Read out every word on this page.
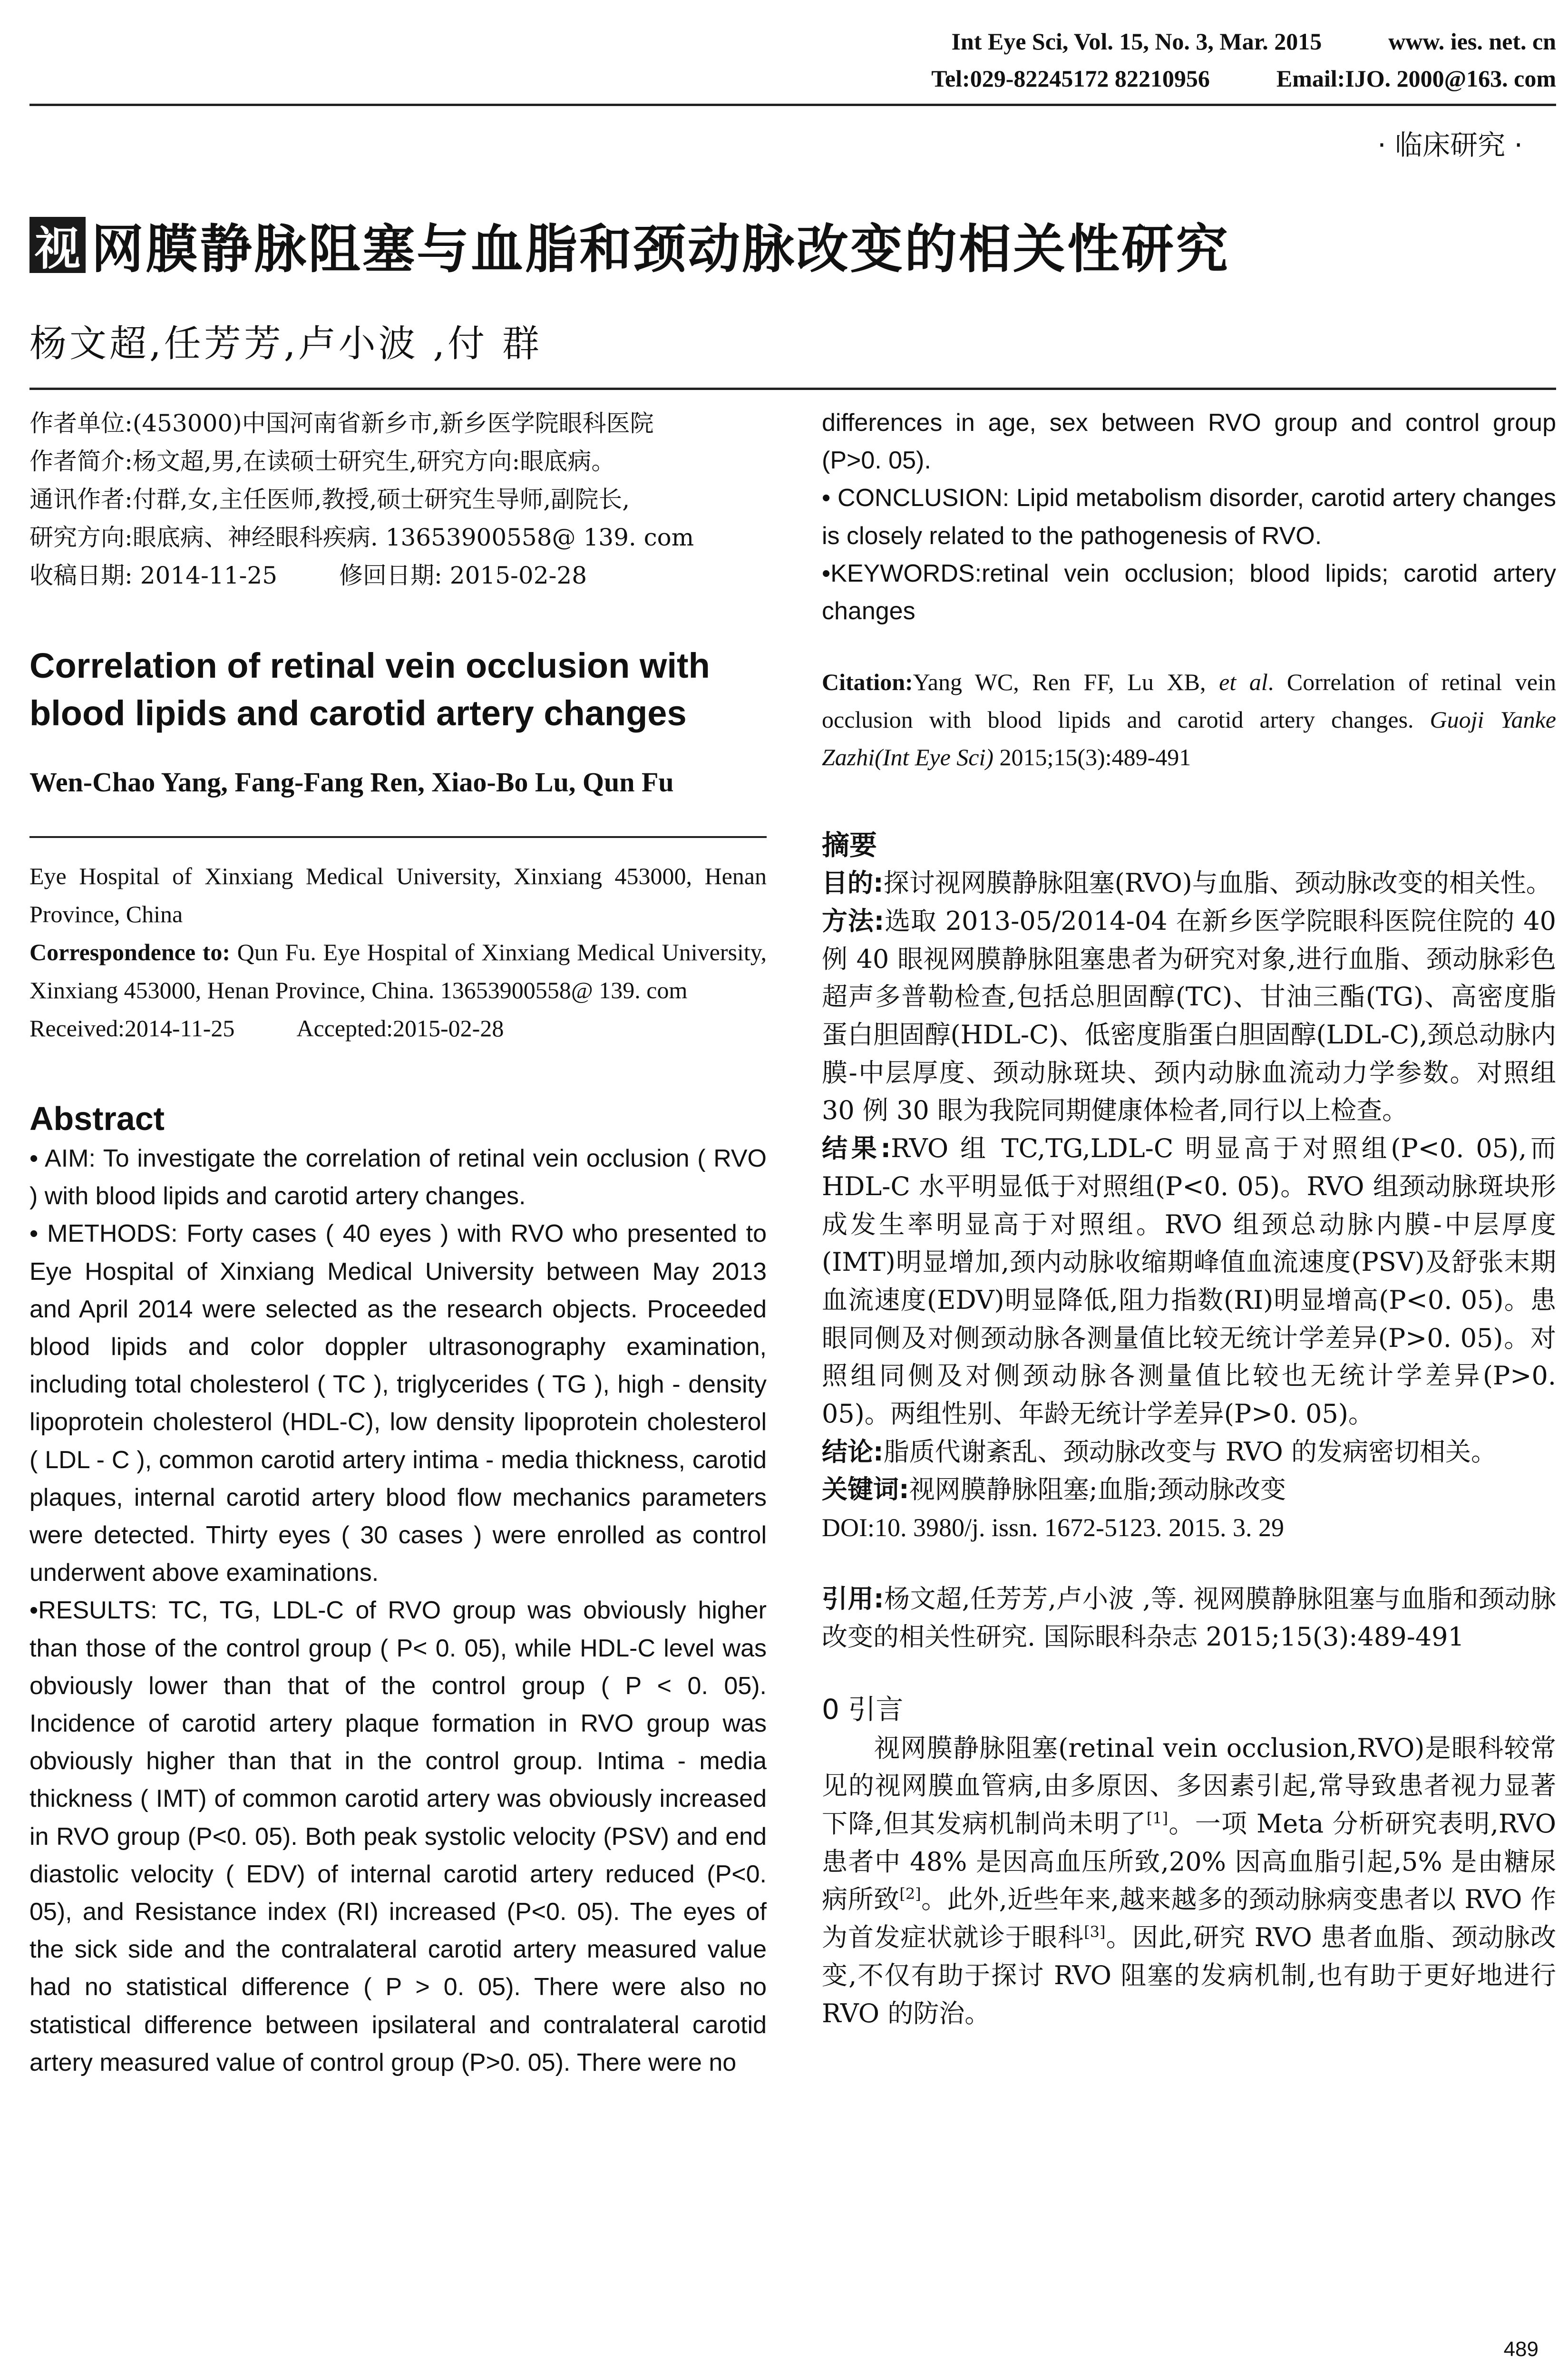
Int Eye Sci, Vol. 15, No. 3, Mar. 2015	www. ies. net. cn
Tel:029-82245172 82210956	Email:IJO. 2000@163. com
· 临床研究 ·
视 网膜静脉阻塞与血脂和颈动脉改变的相关性研究
杨文超,任芳芳,卢小波 ,付 群
作者单位:(453000)中国河南省新乡市,新乡医学院眼科医院
作者简介:杨文超,男,在读硕士研究生,研究方向:眼底病。
通讯作者:付群,女,主任医师,教授,硕士研究生导师,副院长,
研究方向:眼底病、神经眼科疾病. 13653900558@ 139. com
收稿日期: 2014-11-25	修回日期: 2015-02-28
Correlation of retinal vein occlusion with blood lipids and carotid artery changes
Wen-Chao Yang, Fang-Fang Ren, Xiao-Bo Lu, Qun Fu
Eye Hospital of Xinxiang Medical University, Xinxiang 453000, Henan Province, China
Correspondence to: Qun Fu. Eye Hospital of Xinxiang Medical University, Xinxiang 453000, Henan Province, China. 13653900558@ 139. com
Received:2014-11-25	Accepted:2015-02-28
Abstract

• AIM: To investigate the correlation of retinal vein occlusion ( RVO ) with blood lipids and carotid artery changes.

• METHODS: Forty cases ( 40 eyes ) with RVO who presented to Eye Hospital of Xinxiang Medical University between May 2013 and April 2014 were selected as the research objects. Proceeded blood lipids and color doppler ultrasonography examination, including total cholesterol ( TC ), triglycerides ( TG ), high - density lipoprotein cholesterol (HDL-C), low density lipoprotein cholesterol ( LDL - C ), common carotid artery intima - media thickness, carotid plaques, internal carotid artery blood flow mechanics parameters were detected. Thirty eyes ( 30 cases ) were enrolled as control underwent above examinations.

•RESULTS: TC, TG, LDL-C of RVO group was obviously higher than those of the control group ( P< 0. 05), while HDL-C level was obviously lower than that of the control group ( P < 0. 05). Incidence of carotid artery plaque formation in RVO group was obviously higher than that in the control group. Intima - media thickness ( IMT) of common carotid artery was obviously increased in RVO group (P<0. 05). Both peak systolic velocity (PSV) and end diastolic velocity ( EDV) of internal carotid artery reduced (P<0. 05), and Resistance index (RI) increased (P<0. 05). The eyes of the sick side and the contralateral carotid artery measured value had no statistical difference ( P > 0. 05). There were also no statistical difference between ipsilateral and contralateral carotid artery measured value of control group (P>0. 05). There were no

differences in age, sex between RVO group and control group (P>0. 05).

• CONCLUSION: Lipid metabolism disorder, carotid artery changes is closely related to the pathogenesis of RVO.

•KEYWORDS:retinal vein occlusion; blood lipids; carotid artery changes

Citation:Yang WC, Ren FF, Lu XB, et al. Correlation of retinal vein occlusion with blood lipids and carotid artery changes. Guoji Yanke Zazhi(Int Eye Sci) 2015;15(3):489-491
摘要

目的:探讨视网膜静脉阻塞(RVO)与血脂、颈动脉改变的相关性。

方法:选取 2013-05/2014-04 在新乡医学院眼科医院住院的 40 例 40 眼视网膜静脉阻塞患者为研究对象,进行血脂、颈动脉彩色超声多普勒检查,包括总胆固醇(TC)、甘油三酯(TG)、高密度脂蛋白胆固醇(HDL-C)、低密度脂蛋白胆固醇(LDL-C),颈总动脉内膜-中层厚度、颈动脉斑块、颈内动脉血流动力学参数。对照组 30 例 30 眼为我院同期健康体检者,同行以上检查。

结果:RVO 组 TC,TG,LDL-C 明显高于对照组(P<0. 05),而 HDL-C 水平明显低于对照组(P<0. 05)。RVO 组颈动脉斑块形成发生率明显高于对照组。RVO 组颈总动脉内膜-中层厚度(IMT)明显增加,颈内动脉收缩期峰值血流速度(PSV)及舒张末期血流速度(EDV)明显降低,阻力指数(RI)明显增高(P<0. 05)。患眼同侧及对侧颈动脉各测量值比较无统计学差异(P>0. 05)。对照组同侧及对侧颈动脉各测量值比较也无统计学差异(P>0. 05)。两组性别、年龄无统计学差异(P>0. 05)。

结论:脂质代谢紊乱、颈动脉改变与 RVO 的发病密切相关。

关键词:视网膜静脉阻塞;血脂;颈动脉改变

DOI:10. 3980/j. issn. 1672-5123. 2015. 3. 29

引用:杨文超,任芳芳,卢小波 ,等. 视网膜静脉阻塞与血脂和颈动脉改变的相关性研究. 国际眼科杂志 2015;15(3):489-491

0 引言

视网膜静脉阻塞(retinal vein occlusion,RVO)是眼科较常见的视网膜血管病,由多原因、多因素引起,常导致患者视力显著下降,但其发病机制尚未明了[1]。一项 Meta 分析研究表明,RVO 患者中 48% 是因高血压所致,20% 因高血脂引起,5% 是由糖尿病所致[2]。此外,近些年来,越来越多的颈动脉病变患者以 RVO 作为首发症状就诊于眼科[3]。因此,研究 RVO 患者血脂、颈动脉改变,不仅有助于探讨 RVO 阻塞的发病机制,也有助于更好地进行 RVO 的防治。

489
